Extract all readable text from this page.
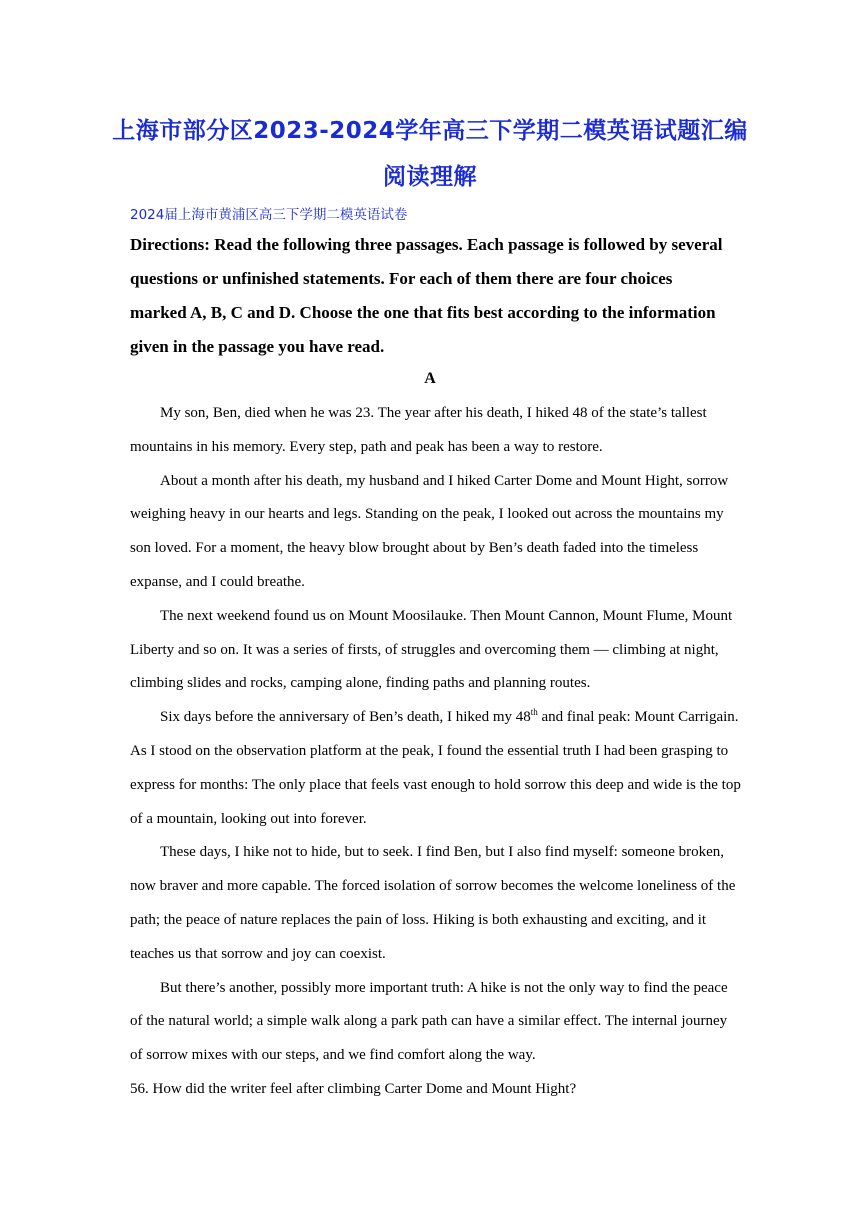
上海市部分区2023-2024学年高三下学期二模英语试题汇编
阅读理解
2024届上海市黄浦区高三下学期二模英语试卷
Directions: Read the following three passages. Each passage is followed by several questions or unfinished statements. For each of them there are four choices marked A, B, C and D. Choose the one that fits best according to the information given in the passage you have read.
A

My son, Ben, died when he was 23. The year after his death, I hiked 48 of the state’s tallest mountains in his memory. Every step, path and peak has been a way to restore.

About a month after his death, my husband and I hiked Carter Dome and Mount Hight, sorrow weighing heavy in our hearts and legs. Standing on the peak, I looked out across the mountains my son loved. For a moment, the heavy blow brought about by Ben’s death faded into the timeless expanse, and I could breathe.

The next weekend found us on Mount Moosilauke. Then Mount Cannon, Mount Flume, Mount Liberty and so on. It was a series of firsts, of struggles and overcoming them — climbing at night, climbing slides and rocks, camping alone, finding paths and planning routes.

Six days before the anniversary of Ben’s death, I hiked my 48th and final peak: Mount Carrigain. As I stood on the observation platform at the peak, I found the essential truth I had been grasping to express for months: The only place that feels vast enough to hold sorrow this deep and wide is the top of a mountain, looking out into forever.

These days, I hike not to hide, but to seek. I find Ben, but I also find myself: someone broken, now braver and more capable. The forced isolation of sorrow becomes the welcome loneliness of the path; the peace of nature replaces the pain of loss. Hiking is both exhausting and exciting, and it teaches us that sorrow and joy can coexist.

But there’s another, possibly more important truth: A hike is not the only way to find the peace of the natural world; a simple walk along a park path can have a similar effect. The internal journey of sorrow mixes with our steps, and we find comfort along the way.

56. How did the writer feel after climbing Carter Dome and Mount Hight?
